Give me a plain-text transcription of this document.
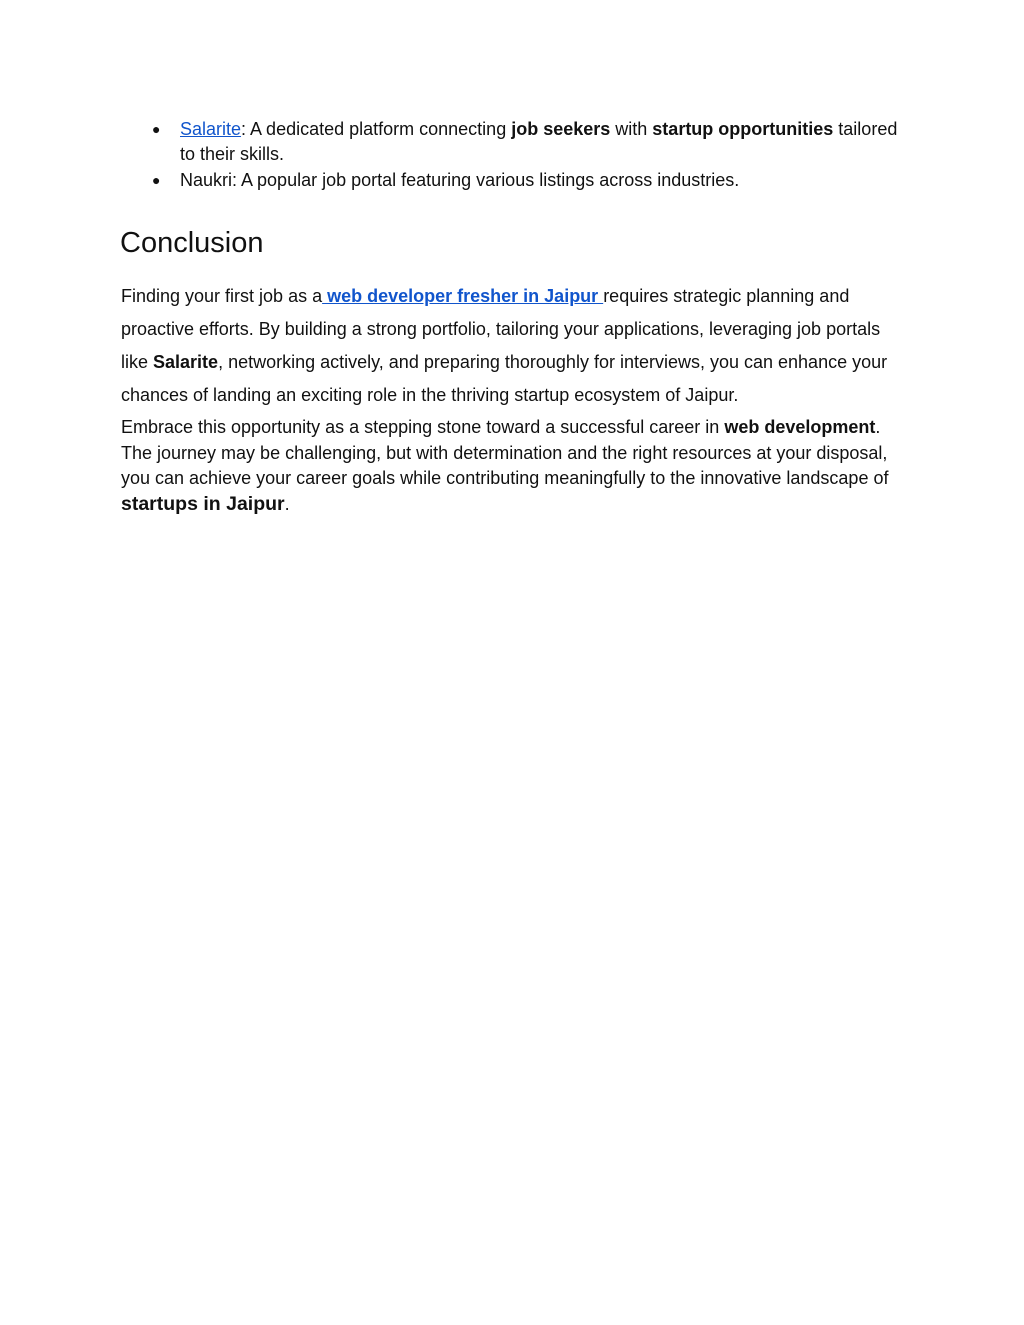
● Salarite: A dedicated platform connecting job seekers with startup opportunities tailored to their skills.
● Naukri: A popular job portal featuring various listings across industries.
Conclusion

Finding your first job as a web developer fresher in Jaipur requires strategic planning and proactive efforts. By building a strong portfolio, tailoring your applications, leveraging job portals like Salarite, networking actively, and preparing thoroughly for interviews, you can enhance your chances of landing an exciting role in the thriving startup ecosystem of Jaipur.

Embrace this opportunity as a stepping stone toward a successful career in web development. The journey may be challenging, but with determination and the right resources at your disposal, you can achieve your career goals while contributing meaningfully to the innovative landscape of startups in Jaipur.
